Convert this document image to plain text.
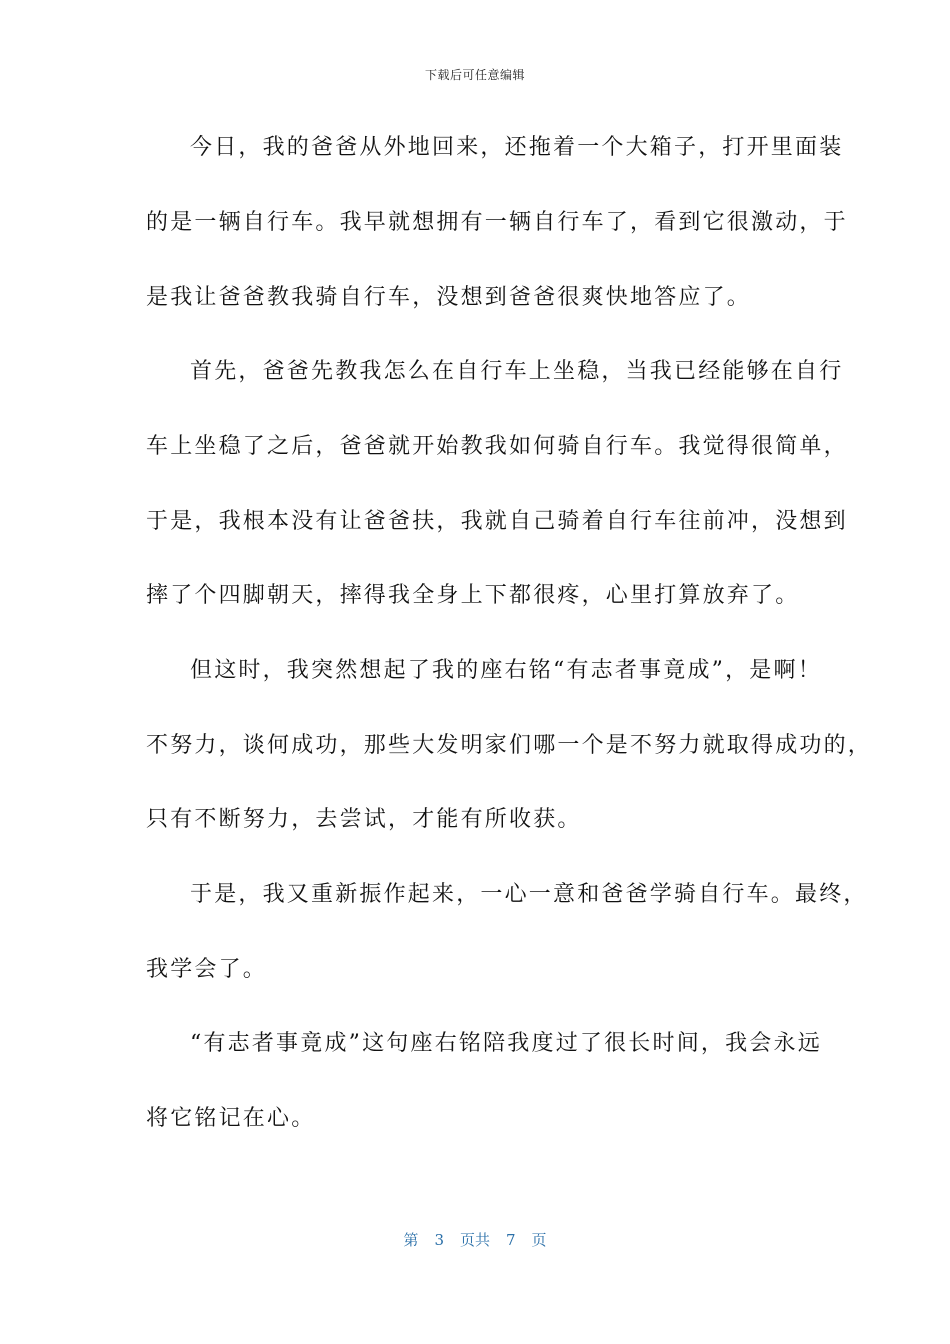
下载后可任意编辑
今日，我的爸爸从外地回来，还拖着一个大箱子，打开里面装
的是一辆自行车。我早就想拥有一辆自行车了，看到它很激动，于
是我让爸爸教我骑自行车，没想到爸爸很爽快地答应了。
首先，爸爸先教我怎么在自行车上坐稳，当我已经能够在自行
车上坐稳了之后，爸爸就开始教我如何骑自行车。我觉得很简单，
于是，我根本没有让爸爸扶，我就自己骑着自行车往前冲，没想到
摔了个四脚朝天，摔得我全身上下都很疼，心里打算放弃了。
但这时，我突然想起了我的座右铭“有志者事竟成”，是啊！
不努力，谈何成功，那些大发明家们哪一个是不努力就取得成功的，
只有不断努力，去尝试，才能有所收获。
于是，我又重新振作起来，一心一意和爸爸学骑自行车。最终，
我学会了。
“有志者事竟成”这句座右铭陪我度过了很长时间，我会永远
将它铭记在心。
第 3 页共 7 页
